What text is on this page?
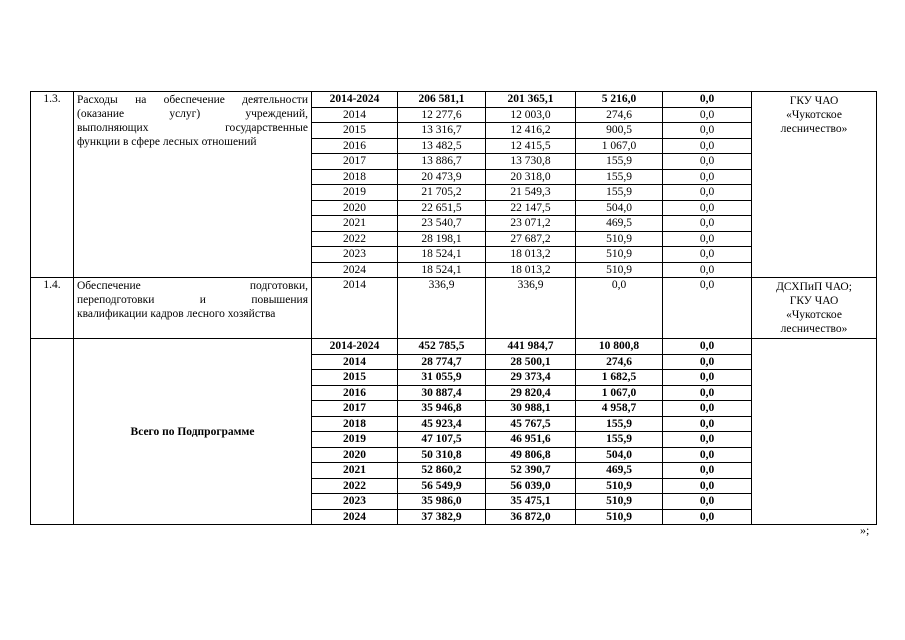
1.3.	Расходы на обеспечение деятельности
(оказание услуг) учреждений,
выполняющих государственные
функции в сфере лесных отношений	2014-2024	206 581,1	201 365,1	5 216,0	0,0	ГКУ ЧАО
«Чукотское
лесничество»

		2014	12 277,6	12 003,0	274,6	0,0	
		2015	13 316,7	12 416,2	900,5	0,0	
		2016	13 482,5	12 415,5	1 067,0	0,0	
		2017	13 886,7	13 730,8	155,9	0,0	
		2018	20 473,9	20 318,0	155,9	0,0	
		2019	21 705,2	21 549,3	155,9	0,0	
		2020	22 651,5	22 147,5	504,0	0,0	
		2021	23 540,7	23 071,2	469,5	0,0	
		2022	28 198,1	27 687,2	510,9	0,0	
		2023	18 524,1	18 013,2	510,9	0,0	
		2024	18 524,1	18 013,2	510,9	0,0	
1.4.	Обеспечение подготовки,
переподготовки и повышения
квалификации кадров лесного хозяйства	2014	336,9	336,9	0,0	0,0	ДСХПиП ЧАО;
ГКУ ЧАО
«Чукотское
лесничество»

	Всего по Подпрограмме	2014-2024	452 785,5	441 984,7	10 800,8	0,0	
		2014	28 774,7	28 500,1	274,6	0,0	
		2015	31 055,9	29 373,4	1 682,5	0,0	
		2016	30 887,4	29 820,4	1 067,0	0,0	
		2017	35 946,8	30 988,1	4 958,7	0,0	
		2018	45 923,4	45 767,5	155,9	0,0	
		2019	47 107,5	46 951,6	155,9	0,0	
		2020	50 310,8	49 806,8	504,0	0,0	
		2021	52 860,2	52 390,7	469,5	0,0	
		2022	56 549,9	56 039,0	510,9	0,0	
		2023	35 986,0	35 475,1	510,9	0,0	
		2024	37 382,9	36 872,0	510,9	0,0	
»;
